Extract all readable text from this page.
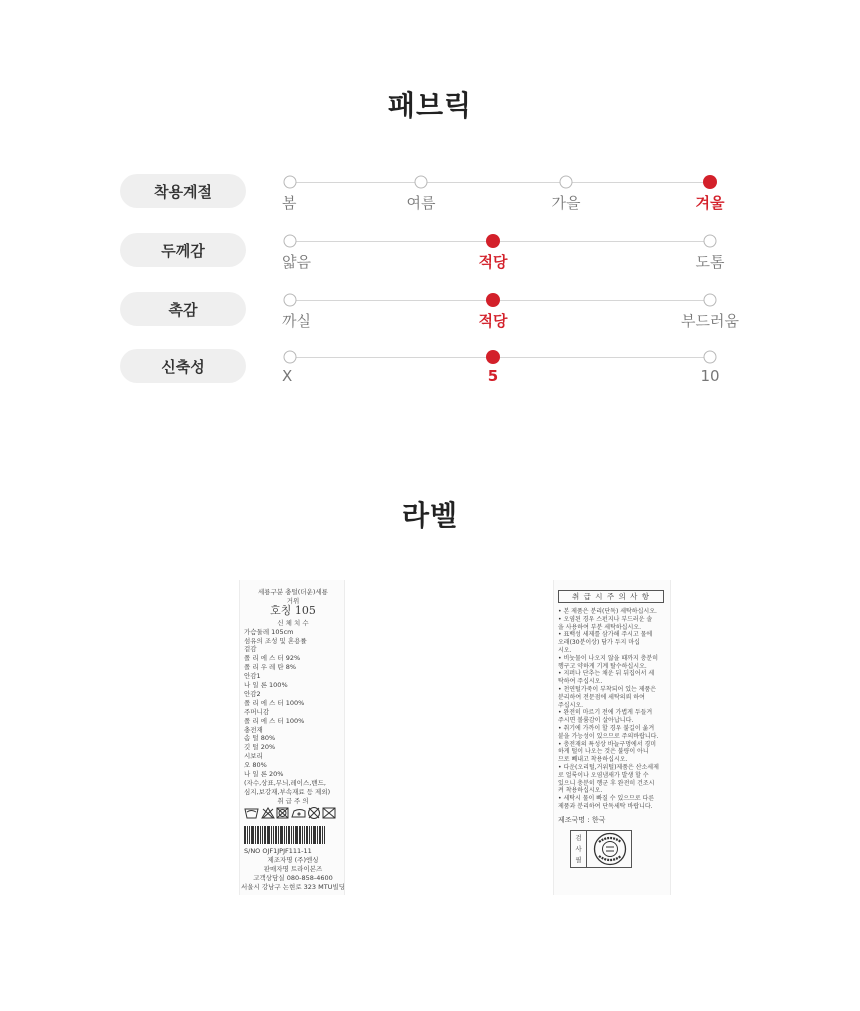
패브릭
착용계절
봄	여름	가을	겨울
두께감
얇음	적당	도톰
촉감
까실	적당	부드러움
신축성
X	5	10
라벨
세룡구분 충털(더운)세룡
거위
호칭 105
신 체 치 수
가슴둘레 105cm
섬유의 조성 및 혼용률
겉감
폴 리 에 스 터 92%
폴 리 우 레 탄 8%
안감1
나 일 론 100%
안감2
폴 리 에 스 터 100%
주머니감
폴 리 에 스 터 100%
충전재
솜 털 80%
깃 털 20%
시보리
오 80%
나 일 론 20%
(자수,상표,무늬,레이스,밴드,
심지,보강재,부속재료 등 제외)
취 급 주 의
S/NO OJF1JPJF111-11
제조자명 (주)엔싱
판매자명 트라이본즈
고객상담실 080-858-4600
서울시 강남구 논현로 323 MTU빌딩
취 급 시 주 의 사 항
• 본 제품은 분리(단독) 세탁하십시오.
• 오염된 경우 스펀지나 부드러운 솔
을 사용하여 부분 세탁하십시오.
• 표백성 세제를 삼가해 주시고 물에
오래(30분이상) 담가 두지 마십
시오.
• 비눗물이 나오지 않을 때까지 충분히
헹구고 약하게 기계 탈수하십시오.
• 지퍼나 단추는 채운 뒤 뒤집어서 세
탁하여 주십시오.
• 천연털가죽이 부착되어 있는 제품은
분리하여 전문점에 세탁의뢰 하여
주십시오.
• 완전히 마르기 전에 가볍게 두들겨
주시면 볼륨감이 살아납니다.
• 취기에 가까이 할 경우 불길이 옮겨
붙을 가능성이 있으므로 주의바랍니다.
• 충전재의 특성상 바늘구멍에서 경미
하게 털이 나오는 것은 불량이 아니
므로 빼내고 착용하십시오.
• 다운(오리털,거위털)제품은 산소세제
로 얼룩이나 오염냄새가 발생 할 수
있으니 충분히 헹군 후 완전히 건조시
켜 착용하십시오.
• 세탁시 물이 빠질 수 있으므로 다른
제품과 분리하여 단독세탁 바랍니다.
제조국명 : 한국
검
사
필
